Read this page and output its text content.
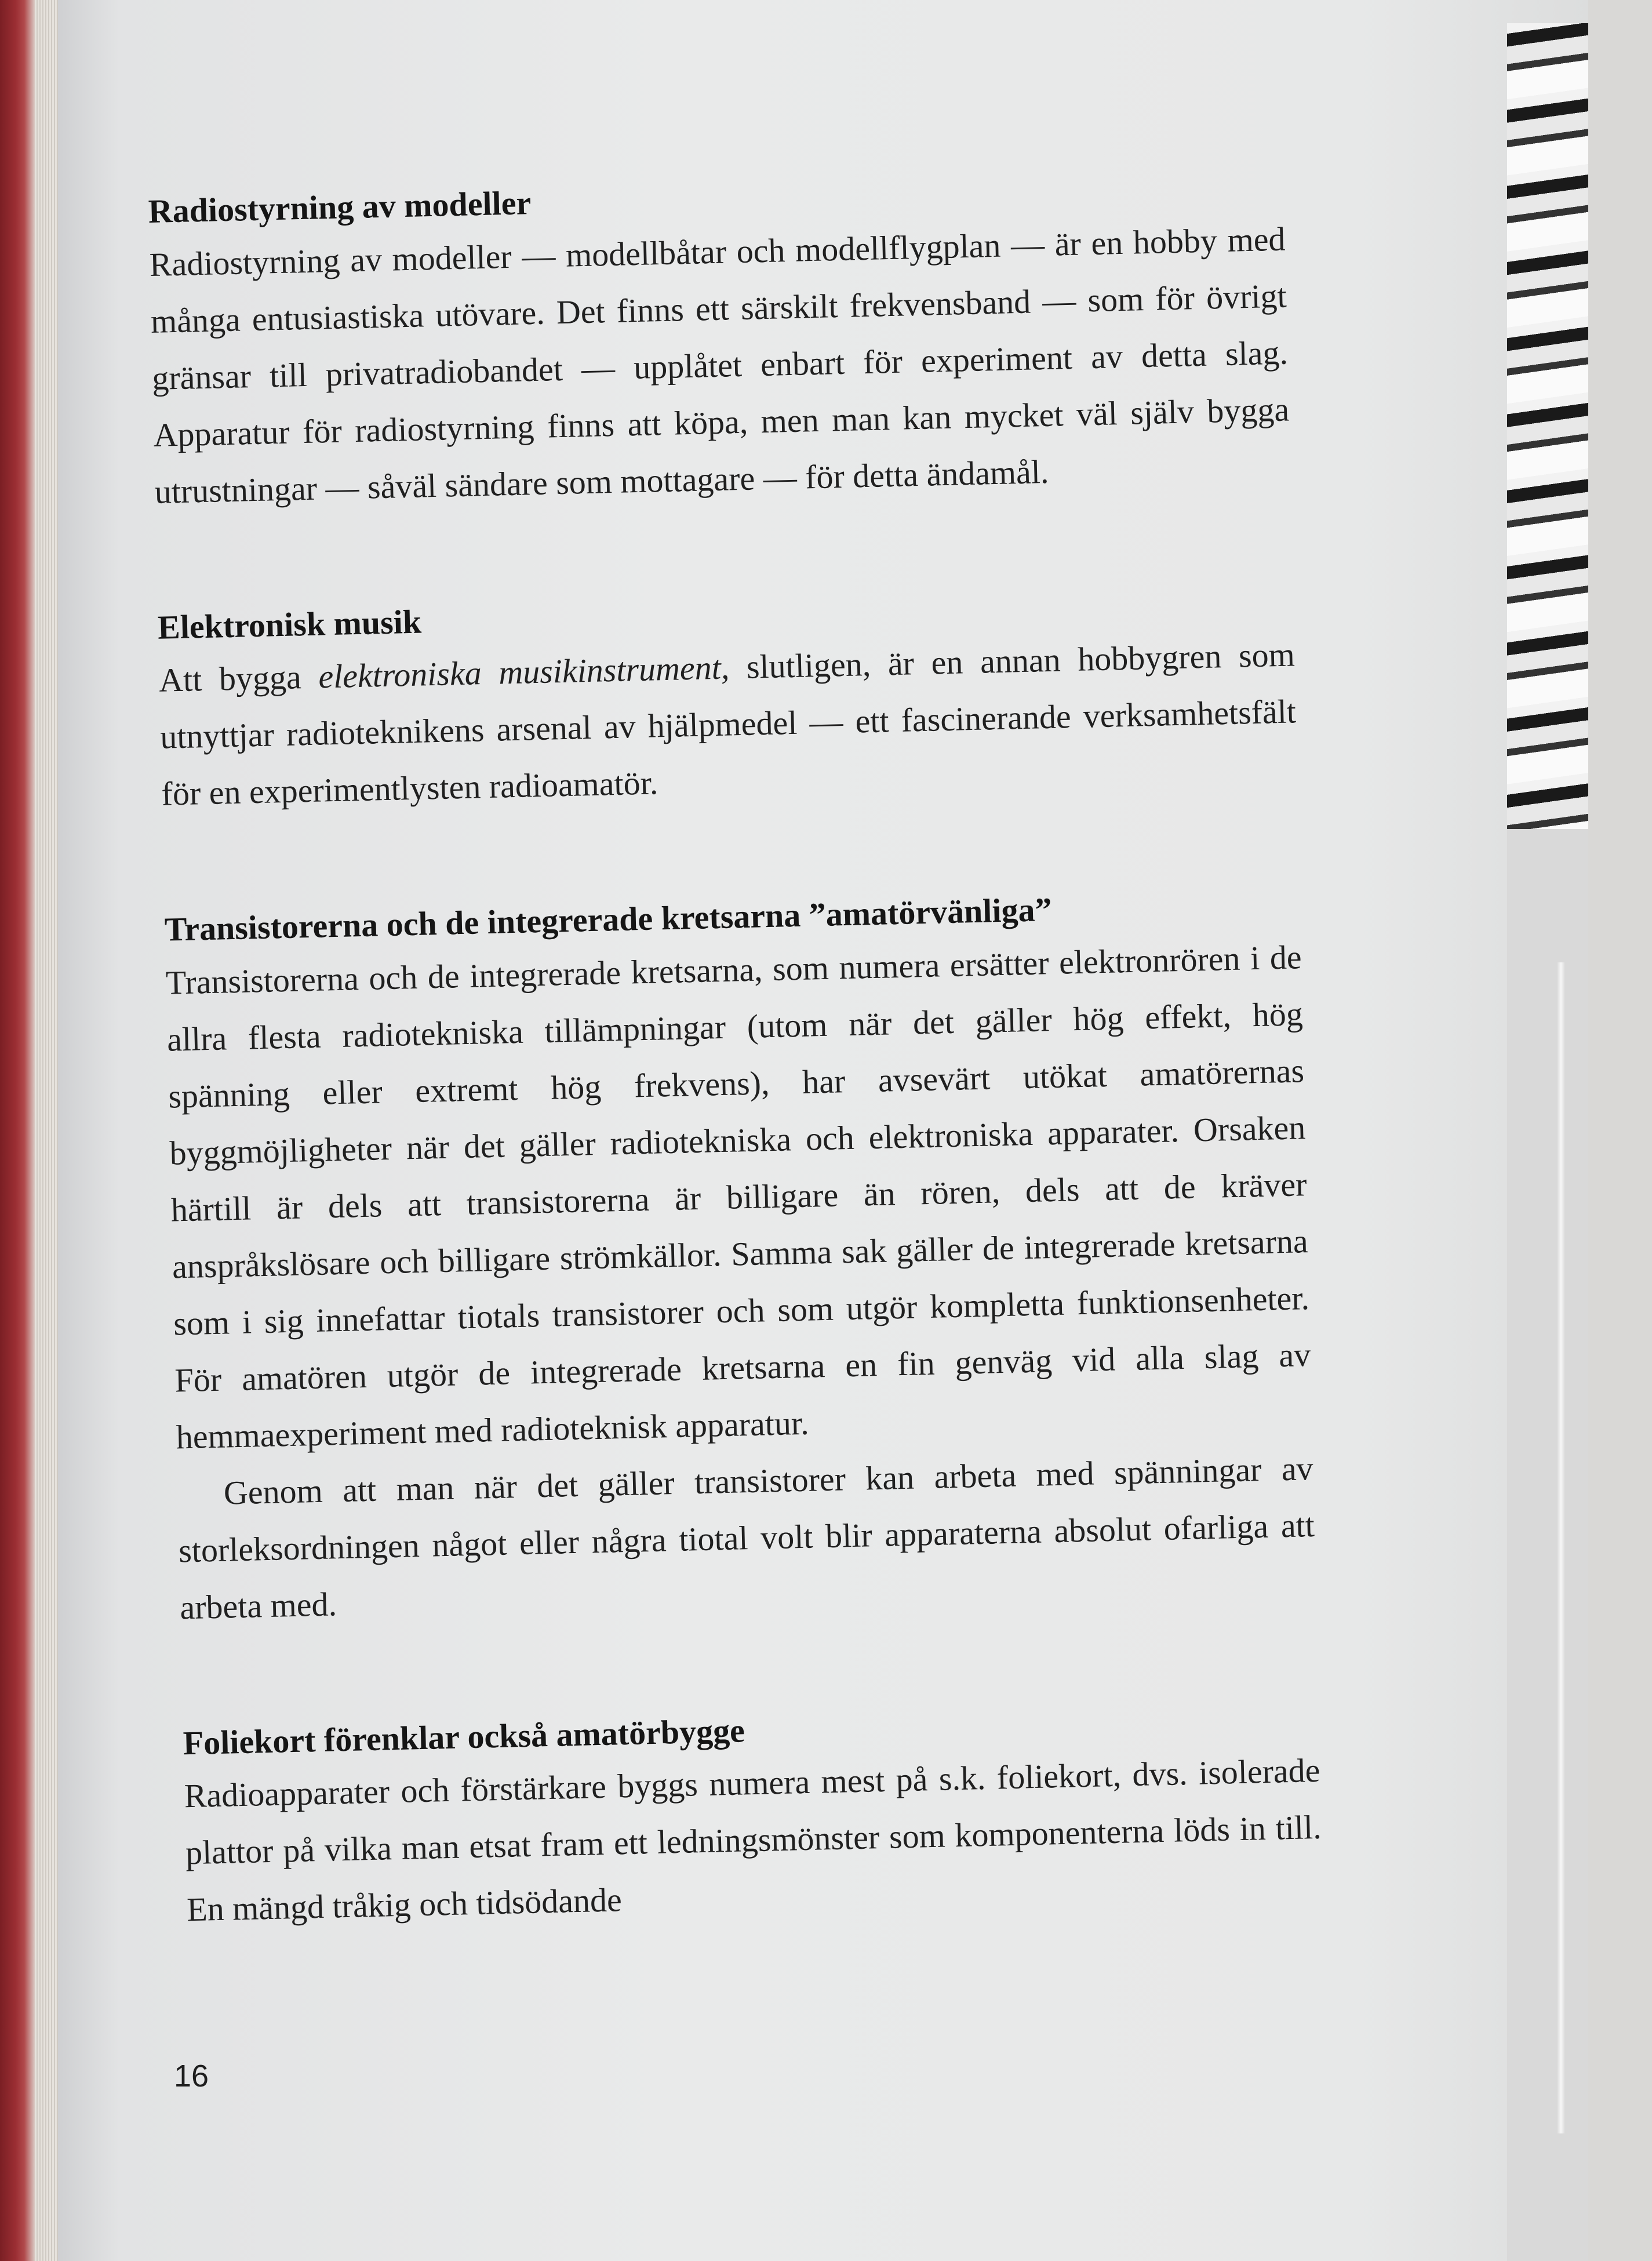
Radiostyrning av modeller

Radiostyrning av modeller — modellbåtar och modellflygplan — är en hobby med många entusiastiska utövare. Det finns ett särskilt frekvensband — som för övrigt gränsar till privatradiobandet — upplåtet enbart för experiment av detta slag. Apparatur för radiostyrning finns att köpa, men man kan mycket väl själv bygga utrustningar — såväl sändare som mottagare — för detta ändamål.

Elektronisk musik

Att bygga elektroniska musikinstrument, slutligen, är en annan hobbygren som utnyttjar radioteknikens arsenal av hjälpmedel — ett fascinerande verksamhetsfält för en experimentlysten radioamatör.

Transistorerna och de integrerade kretsarna ”amatörvänliga”

Transistorerna och de integrerade kretsarna, som numera ersätter elektronrören i de allra flesta radiotekniska tillämpningar (utom när det gäller hög effekt, hög spänning eller extremt hög frekvens), har avsevärt utökat amatörernas byggmöjligheter när det gäller radiotekniska och elektroniska apparater. Orsaken härtill är dels att transistorerna är billigare än rören, dels att de kräver anspråkslösare och billigare strömkällor. Samma sak gäller de integrerade kretsarna som i sig innefattar tiotals transistorer och som utgör kompletta funktionsenheter. För amatören utgör de integrerade kretsarna en fin genväg vid alla slag av hemmaexperiment med radioteknisk apparatur.

Genom att man när det gäller transistorer kan arbeta med spänningar av storleksordningen något eller några tiotal volt blir apparaterna absolut ofarliga att arbeta med.

Foliekort förenklar också amatörbygge

Radioapparater och förstärkare byggs numera mest på s.k. foliekort, dvs. isolerade plattor på vilka man etsat fram ett ledningsmönster som komponenterna löds in till. En mängd tråkig och tidsödande

16
